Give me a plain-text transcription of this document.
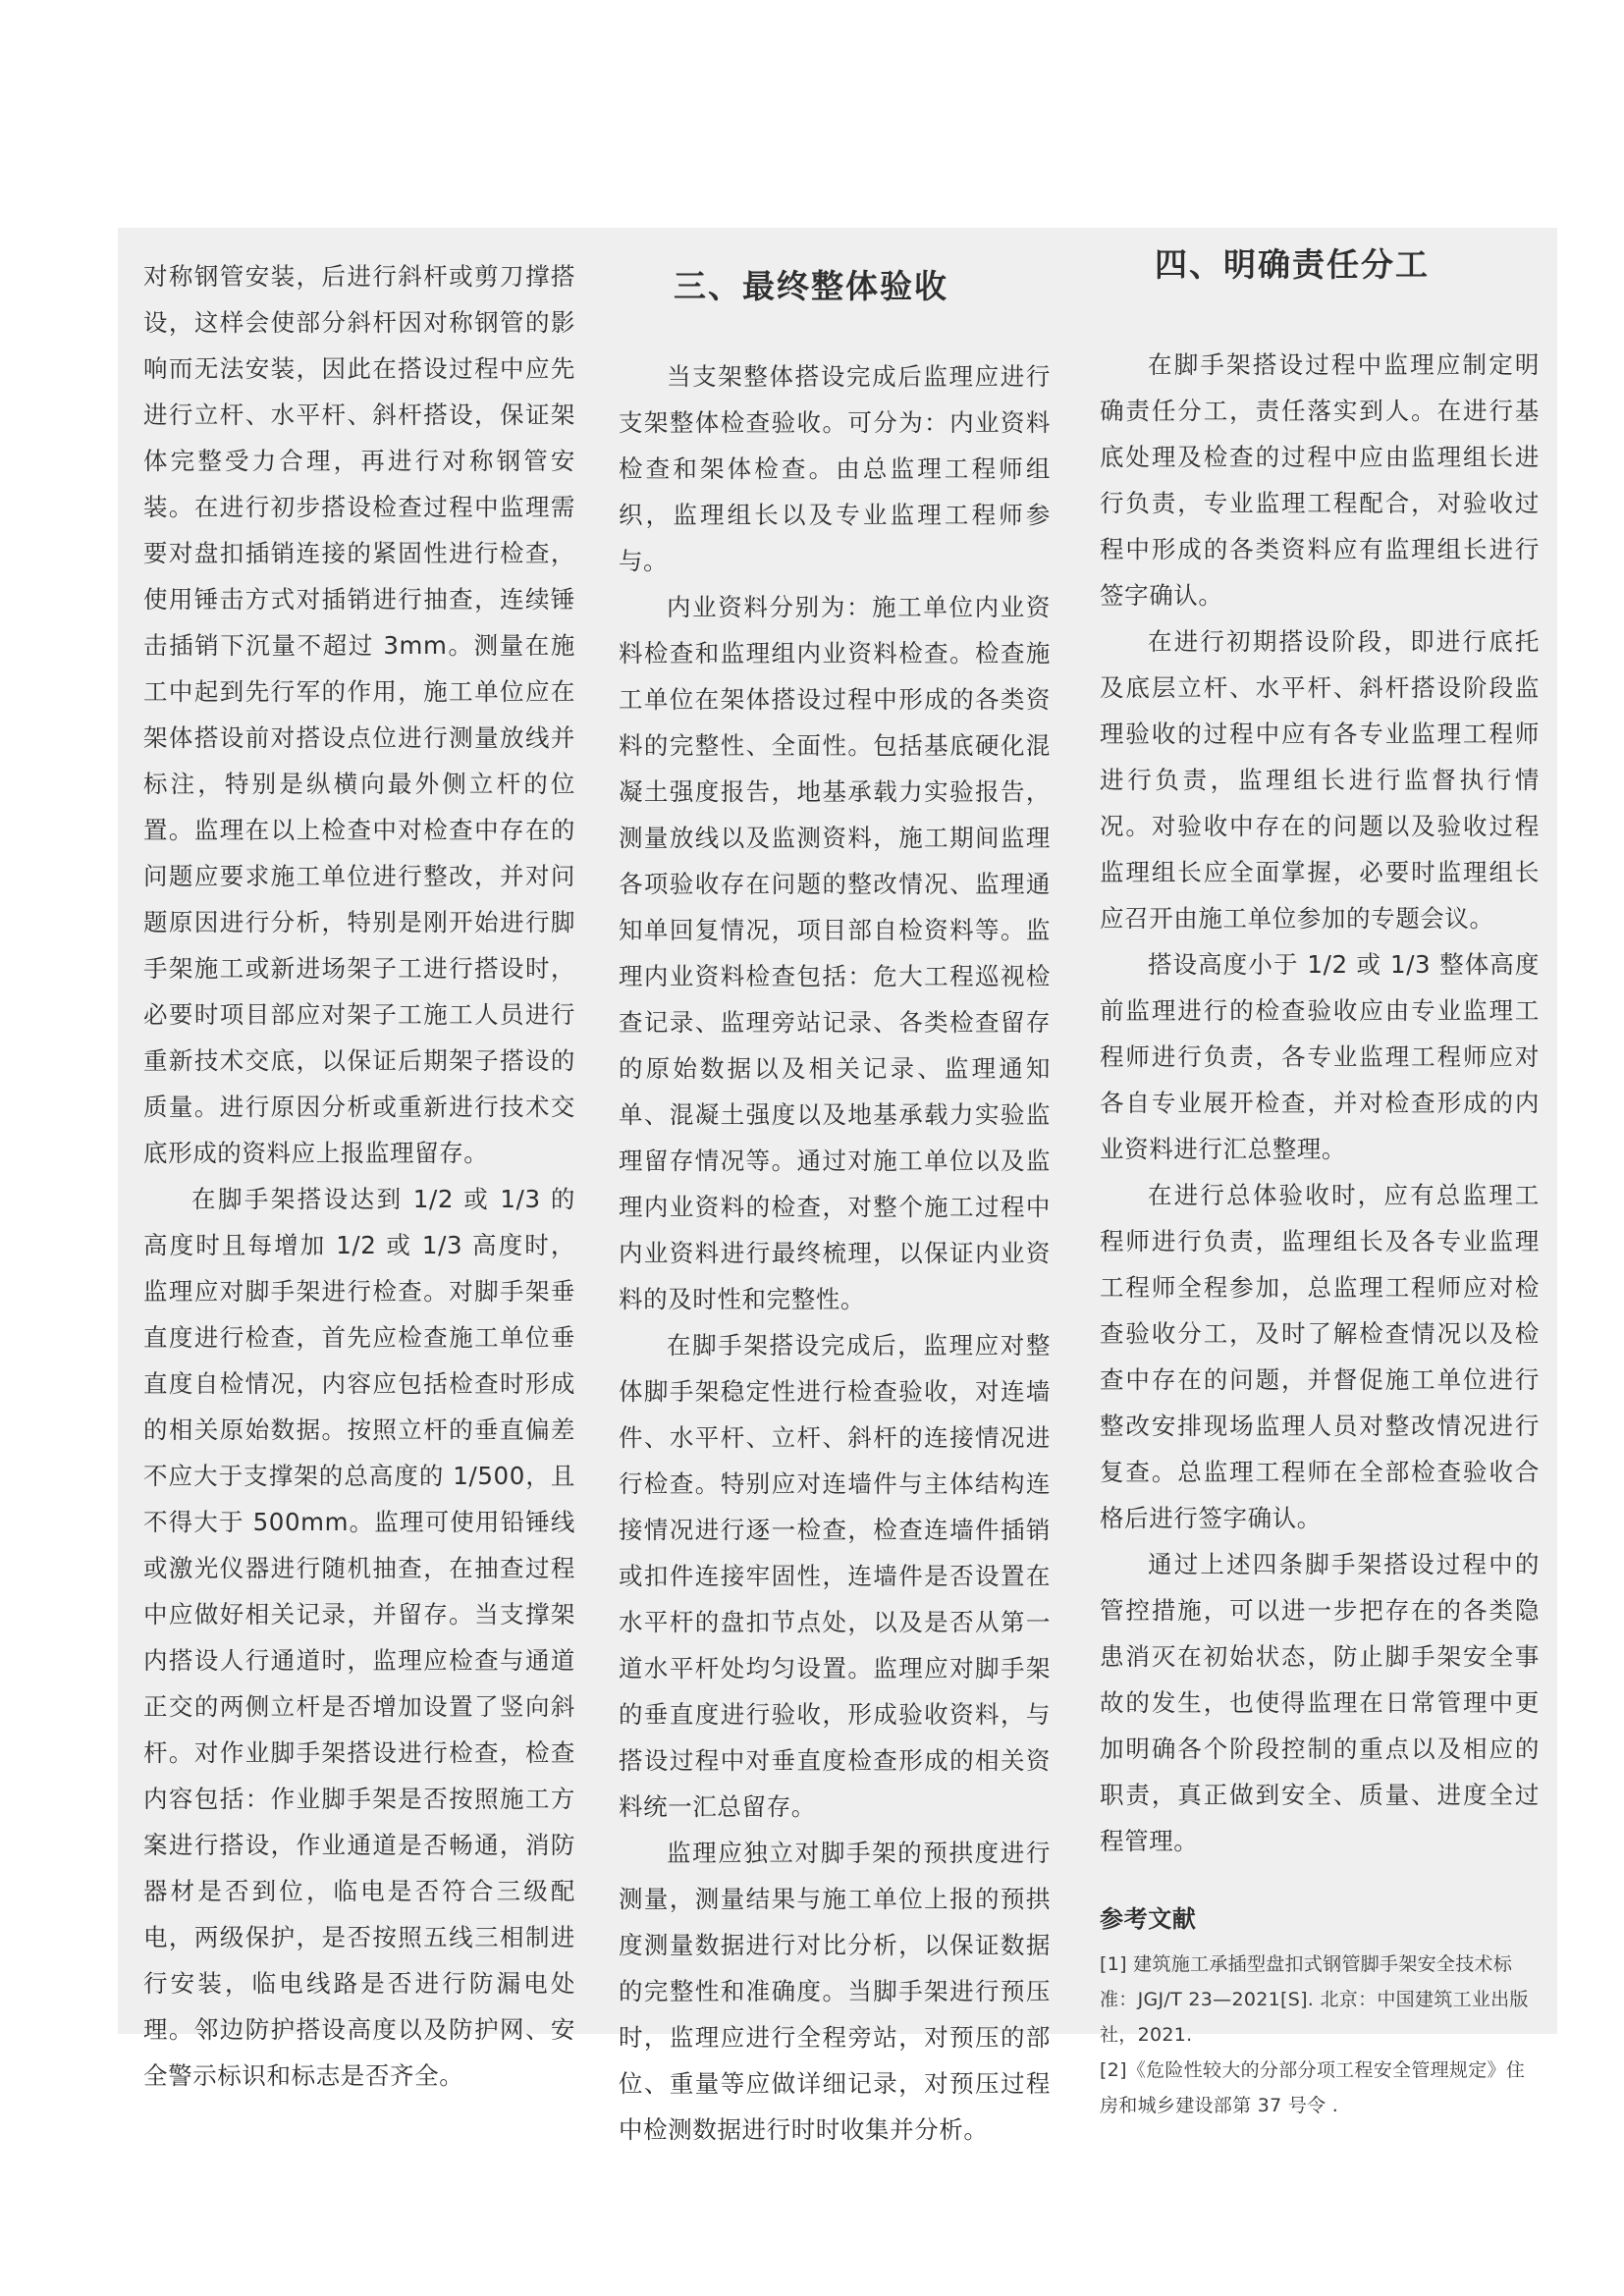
对称钢管安装，后进行斜杆或剪刀撑搭设，这样会使部分斜杆因对称钢管的影响而无法安装，因此在搭设过程中应先进行立杆、水平杆、斜杆搭设，保证架体完整受力合理，再进行对称钢管安装。在进行初步搭设检查过程中监理需要对盘扣插销连接的紧固性进行检查，使用锤击方式对插销进行抽查，连续锤击插销下沉量不超过 3mm。测量在施工中起到先行军的作用，施工单位应在架体搭设前对搭设点位进行测量放线并标注，特别是纵横向最外侧立杆的位置。监理在以上检查中对检查中存在的问题应要求施工单位进行整改，并对问题原因进行分析，特别是刚开始进行脚手架施工或新进场架子工进行搭设时，必要时项目部应对架子工施工人员进行重新技术交底，以保证后期架子搭设的质量。进行原因分析或重新进行技术交底形成的资料应上报监理留存。

在脚手架搭设达到 1/2 或 1/3 的高度时且每增加 1/2 或 1/3 高度时，监理应对脚手架进行检查。对脚手架垂直度进行检查，首先应检查施工单位垂直度自检情况，内容应包括检查时形成的相关原始数据。按照立杆的垂直偏差不应大于支撑架的总高度的 1/500，且不得大于 500mm。监理可使用铅锤线或激光仪器进行随机抽查，在抽查过程中应做好相关记录，并留存。当支撑架内搭设人行通道时，监理应检查与通道正交的两侧立杆是否增加设置了竖向斜杆。对作业脚手架搭设进行检查，检查内容包括：作业脚手架是否按照施工方案进行搭设，作业通道是否畅通，消防器材是否到位，临电是否符合三级配电，两级保护，是否按照五线三相制进行安装，临电线路是否进行防漏电处理。邻边防护搭设高度以及防护网、安全警示标识和标志是否齐全。

三、最终整体验收

当支架整体搭设完成后监理应进行支架整体检查验收。可分为：内业资料检查和架体检查。由总监理工程师组织，监理组长以及专业监理工程师参与。

内业资料分别为：施工单位内业资料检查和监理组内业资料检查。检查施工单位在架体搭设过程中形成的各类资料的完整性、全面性。包括基底硬化混凝土强度报告，地基承载力实验报告，测量放线以及监测资料，施工期间监理各项验收存在问题的整改情况、监理通知单回复情况，项目部自检资料等。监理内业资料检查包括：危大工程巡视检查记录、监理旁站记录、各类检查留存的原始数据以及相关记录、监理通知单、混凝土强度以及地基承载力实验监理留存情况等。通过对施工单位以及监理内业资料的检查，对整个施工过程中内业资料进行最终梳理，以保证内业资料的及时性和完整性。

在脚手架搭设完成后，监理应对整体脚手架稳定性进行检查验收，对连墙件、水平杆、立杆、斜杆的连接情况进行检查。特别应对连墙件与主体结构连接情况进行逐一检查，检查连墙件插销或扣件连接牢固性，连墙件是否设置在水平杆的盘扣节点处，以及是否从第一道水平杆处均匀设置。监理应对脚手架的垂直度进行验收，形成验收资料，与搭设过程中对垂直度检查形成的相关资料统一汇总留存。

监理应独立对脚手架的预拱度进行测量，测量结果与施工单位上报的预拱度测量数据进行对比分析，以保证数据的完整性和准确度。当脚手架进行预压时，监理应进行全程旁站，对预压的部位、重量等应做详细记录，对预压过程中检测数据进行时时收集并分析。

四、明确责任分工

在脚手架搭设过程中监理应制定明确责任分工，责任落实到人。在进行基底处理及检查的过程中应由监理组长进行负责，专业监理工程配合，对验收过程中形成的各类资料应有监理组长进行签字确认。

在进行初期搭设阶段，即进行底托及底层立杆、水平杆、斜杆搭设阶段监理验收的过程中应有各专业监理工程师进行负责，监理组长进行监督执行情况。对验收中存在的问题以及验收过程监理组长应全面掌握，必要时监理组长应召开由施工单位参加的专题会议。

搭设高度小于 1/2 或 1/3 整体高度前监理进行的检查验收应由专业监理工程师进行负责，各专业监理工程师应对各自专业展开检查，并对检查形成的内业资料进行汇总整理。

在进行总体验收时，应有总监理工程师进行负责，监理组长及各专业监理工程师全程参加，总监理工程师应对检查验收分工，及时了解检查情况以及检查中存在的问题，并督促施工单位进行整改安排现场监理人员对整改情况进行复查。总监理工程师在全部检查验收合格后进行签字确认。

通过上述四条脚手架搭设过程中的管控措施，可以进一步把存在的各类隐患消灭在初始状态，防止脚手架安全事故的发生，也使得监理在日常管理中更加明确各个阶段控制的重点以及相应的职责，真正做到安全、质量、进度全过程管理。

参考文献

[1] 建筑施工承插型盘扣式钢管脚手架安全技术标准：JGJ/T 23—2021[S]. 北京：中国建筑工业出版社，2021.

[2]《危险性较大的分部分项工程安全管理规定》住房和城乡建设部第 37 号令 .
